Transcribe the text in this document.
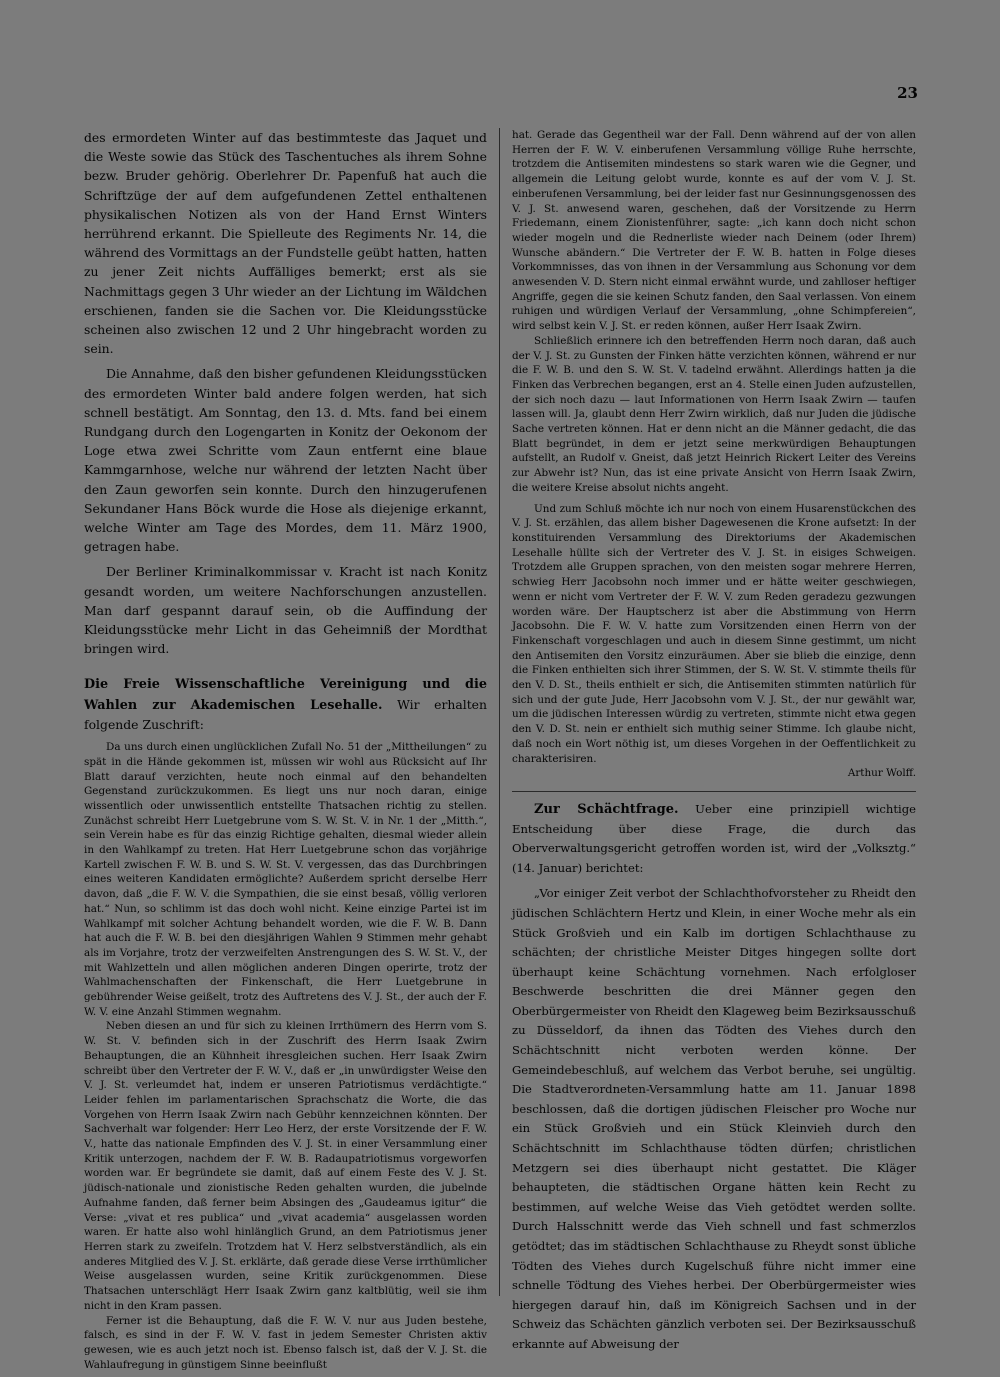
23

des ermordeten Winter auf das bestimmteste das Jaquet und die Weste sowie das Stück des Taschentuches als ihrem Sohne bezw. Bruder gehörig. Oberlehrer Dr. Papenfuß hat auch die Schriftzüge der auf dem aufgefundenen Zettel enthaltenen physikalischen Notizen als von der Hand Ernst Winters herrührend erkannt. Die Spielleute des Regiments Nr. 14, die während des Vormittags an der Fundstelle geübt hatten, hatten zu jener Zeit nichts Auffälliges bemerkt; erst als sie Nachmittags gegen 3 Uhr wieder an der Lichtung im Wäldchen erschienen, fanden sie die Sachen vor. Die Kleidungsstücke scheinen also zwischen 12 und 2 Uhr hingebracht worden zu sein.

Die Annahme, daß den bisher gefundenen Kleidungsstücken des ermordeten Winter bald andere folgen werden, hat sich schnell bestätigt. Am Sonntag, den 13. d. Mts. fand bei einem Rundgang durch den Logengarten in Konitz der Oekonom der Loge etwa zwei Schritte vom Zaun entfernt eine blaue Kammgarnhose, welche nur während der letzten Nacht über den Zaun geworfen sein konnte. Durch den hinzugerufenen Sekundaner Hans Böck wurde die Hose als diejenige erkannt, welche Winter am Tage des Mordes, dem 11. März 1900, getragen habe.

Der Berliner Kriminalkommissar v. Kracht ist nach Konitz gesandt worden, um weitere Nachforschungen anzustellen. Man darf gespannt darauf sein, ob die Auffindung der Kleidungsstücke mehr Licht in das Geheimniß der Mordthat bringen wird.

Die Freie Wissenschaftliche Vereinigung und die Wahlen zur Akademischen Lesehalle. Wir erhalten folgende Zuschrift:

Da uns durch einen unglücklichen Zufall No. 51 der „Mittheilungen“ zu spät in die Hände gekommen ist, müssen wir wohl aus Rücksicht auf Ihr Blatt darauf verzichten, heute noch einmal auf den behandelten Gegenstand zurückzukommen. Es liegt uns nur noch daran, einige wissentlich oder unwissentlich entstellte Thatsachen richtig zu stellen. Zunächst schreibt Herr Luetgebrune vom S. W. St. V. in Nr. 1 der „Mitth.“, sein Verein habe es für das einzig Richtige gehalten, diesmal wieder allein in den Wahlkampf zu treten. Hat Herr Luetgebrune schon das vorjährige Kartell zwischen F. W. B. und S. W. St. V. vergessen, das das Durchbringen eines weiteren Kandidaten ermöglichte? Außerdem spricht derselbe Herr davon, daß „die F. W. V. die Sympathien, die sie einst besaß, völlig verloren hat.“ Nun, so schlimm ist das doch wohl nicht. Keine einzige Partei ist im Wahlkampf mit solcher Achtung behandelt worden, wie die F. W. B. Dann hat auch die F. W. B. bei den diesjährigen Wahlen 9 Stimmen mehr gehabt als im Vorjahre, trotz der verzweifelten Anstrengungen des S. W. St. V., der mit Wahlzetteln und allen möglichen anderen Dingen operirte, trotz der Wahlmachenschaften der Finkenschaft, die Herr Luetgebrune in gebührender Weise geißelt, trotz des Auftretens des V. J. St., der auch der F. W. V. eine Anzahl Stimmen wegnahm.

Neben diesen an und für sich zu kleinen Irrthümern des Herrn vom S. W. St. V. befinden sich in der Zuschrift des Herrn Isaak Zwirn Behauptungen, die an Kühnheit ihresgleichen suchen. Herr Isaak Zwirn schreibt über den Vertreter der F. W. V., daß er „in unwürdigster Weise den V. J. St. verleumdet hat, indem er unseren Patriotismus verdächtigte.“ Leider fehlen im parlamentarischen Sprachschatz die Worte, die das Vorgehen von Herrn Isaak Zwirn nach Gebühr kennzeichnen könnten. Der Sachverhalt war folgender: Herr Leo Herz, der erste Vorsitzende der F. W. V., hatte das nationale Empfinden des V. J. St. in einer Versammlung einer Kritik unterzogen, nachdem der F. W. B. Radaupatriotismus vorgeworfen worden war. Er begründete sie damit, daß auf einem Feste des V. J. St. jüdisch-nationale und zionistische Reden gehalten wurden, die jubelnde Aufnahme fanden, daß ferner beim Absingen des „Gaudeamus igitur“ die Verse: „vivat et res publica“ und „vivat academia“ ausgelassen worden waren. Er hatte also wohl hinlänglich Grund, an dem Patriotismus jener Herren stark zu zweifeln. Trotzdem hat V. Herz selbstverständlich, als ein anderes Mitglied des V. J. St. erklärte, daß gerade diese Verse irrthümlicher Weise ausgelassen wurden, seine Kritik zurückgenommen. Diese Thatsachen unterschlägt Herr Isaak Zwirn ganz kaltblütig, weil sie ihm nicht in den Kram passen.

Ferner ist die Behauptung, daß die F. W. V. nur aus Juden bestehe, falsch, es sind in der F. W. V. fast in jedem Semester Christen aktiv gewesen, wie es auch jetzt noch ist. Ebenso falsch ist, daß der V. J. St. die Wahlaufregung in günstigem Sinne beeinflußt

hat. Gerade das Gegentheil war der Fall. Denn während auf der von allen Herren der F. W. V. einberufenen Versammlung völlige Ruhe herrschte, trotzdem die Antisemiten mindestens so stark waren wie die Gegner, und allgemein die Leitung gelobt wurde, konnte es auf der vom V. J. St. einberufenen Versammlung, bei der leider fast nur Gesinnungsgenossen des V. J. St. anwesend waren, geschehen, daß der Vorsitzende zu Herrn Friedemann, einem Zionistenführer, sagte: „ich kann doch nicht schon wieder mogeln und die Rednerliste wieder nach Deinem (oder Ihrem) Wunsche abändern.“ Die Vertreter der F. W. B. hatten in Folge dieses Vorkommnisses, das von ihnen in der Versammlung aus Schonung vor dem anwesenden V. D. Stern nicht einmal erwähnt wurde, und zahlloser heftiger Angriffe, gegen die sie keinen Schutz fanden, den Saal verlassen. Von einem ruhigen und würdigen Verlauf der Versammlung, „ohne Schimpfereien“, wird selbst kein V. J. St. er reden können, außer Herr Isaak Zwirn.

Schließlich erinnere ich den betreffenden Herrn noch daran, daß auch der V. J. St. zu Gunsten der Finken hätte verzichten können, während er nur die F. W. B. und den S. W. St. V. tadelnd erwähnt. Allerdings hatten ja die Finken das Verbrechen begangen, erst an 4. Stelle einen Juden aufzustellen, der sich noch dazu — laut Informationen von Herrn Isaak Zwirn — taufen lassen will. Ja, glaubt denn Herr Zwirn wirklich, daß nur Juden die jüdische Sache vertreten können. Hat er denn nicht an die Männer gedacht, die das Blatt begründet, in dem er jetzt seine merkwürdigen Behauptungen aufstellt, an Rudolf v. Gneist, daß jetzt Heinrich Rickert Leiter des Vereins zur Abwehr ist? Nun, das ist eine private Ansicht von Herrn Isaak Zwirn, die weitere Kreise absolut nichts angeht.

Und zum Schluß möchte ich nur noch von einem Husarenstückchen des V. J. St. erzählen, das allem bisher Dagewesenen die Krone aufsetzt: In der konstituirenden Versammlung des Direktoriums der Akademischen Lesehalle hüllte sich der Vertreter des V. J. St. in eisiges Schweigen. Trotzdem alle Gruppen sprachen, von den meisten sogar mehrere Herren, schwieg Herr Jacobsohn noch immer und er hätte weiter geschwiegen, wenn er nicht vom Vertreter der F. W. V. zum Reden geradezu gezwungen worden wäre. Der Hauptscherz ist aber die Abstimmung von Herrn Jacobsohn. Die F. W. V. hatte zum Vorsitzenden einen Herrn von der Finkenschaft vorgeschlagen und auch in diesem Sinne gestimmt, um nicht den Antisemiten den Vorsitz einzuräumen. Aber sie blieb die einzige, denn die Finken enthielten sich ihrer Stimmen, der S. W. St. V. stimmte theils für den V. D. St., theils enthielt er sich, die Antisemiten stimmten natürlich für sich und der gute Jude, Herr Jacobsohn vom V. J. St., der nur gewählt war, um die jüdischen Interessen würdig zu vertreten, stimmte nicht etwa gegen den V. D. St. nein er enthielt sich muthig seiner Stimme. Ich glaube nicht, daß noch ein Wort nöthig ist, um dieses Vorgehen in der Oeffentlichkeit zu charakterisiren.

Arthur Wolff.

Zur Schächtfrage. Ueber eine prinzipiell wichtige Entscheidung über diese Frage, die durch das Oberverwaltungsgericht getroffen worden ist, wird der „Volksztg.“ (14. Januar) berichtet:

„Vor einiger Zeit verbot der Schlachthofvorsteher zu Rheidt den jüdischen Schlächtern Hertz und Klein, in einer Woche mehr als ein Stück Großvieh und ein Kalb im dortigen Schlachthause zu schächten; der christliche Meister Ditges hingegen sollte dort überhaupt keine Schächtung vornehmen. Nach erfolgloser Beschwerde beschritten die drei Männer gegen den Oberbürgermeister von Rheidt den Klageweg beim Bezirksausschuß zu Düsseldorf, da ihnen das Tödten des Viehes durch den Schächtschnitt nicht verboten werden könne. Der Gemeindebeschluß, auf welchem das Verbot beruhe, sei ungültig. Die Stadtverordneten-Versammlung hatte am 11. Januar 1898 beschlossen, daß die dortigen jüdischen Fleischer pro Woche nur ein Stück Großvieh und ein Stück Kleinvieh durch den Schächtschnitt im Schlachthause tödten dürfen; christlichen Metzgern sei dies überhaupt nicht gestattet. Die Kläger behaupteten, die städtischen Organe hätten kein Recht zu bestimmen, auf welche Weise das Vieh getödtet werden sollte. Durch Halsschnitt werde das Vieh schnell und fast schmerzlos getödtet; das im städtischen Schlachthause zu Rheydt sonst übliche Tödten des Viehes durch Kugelschuß führe nicht immer eine schnelle Tödtung des Viehes herbei. Der Oberbürgermeister wies hiergegen darauf hin, daß im Königreich Sachsen und in der Schweiz das Schächten gänzlich verboten sei. Der Bezirksausschuß erkannte auf Abweisung der
